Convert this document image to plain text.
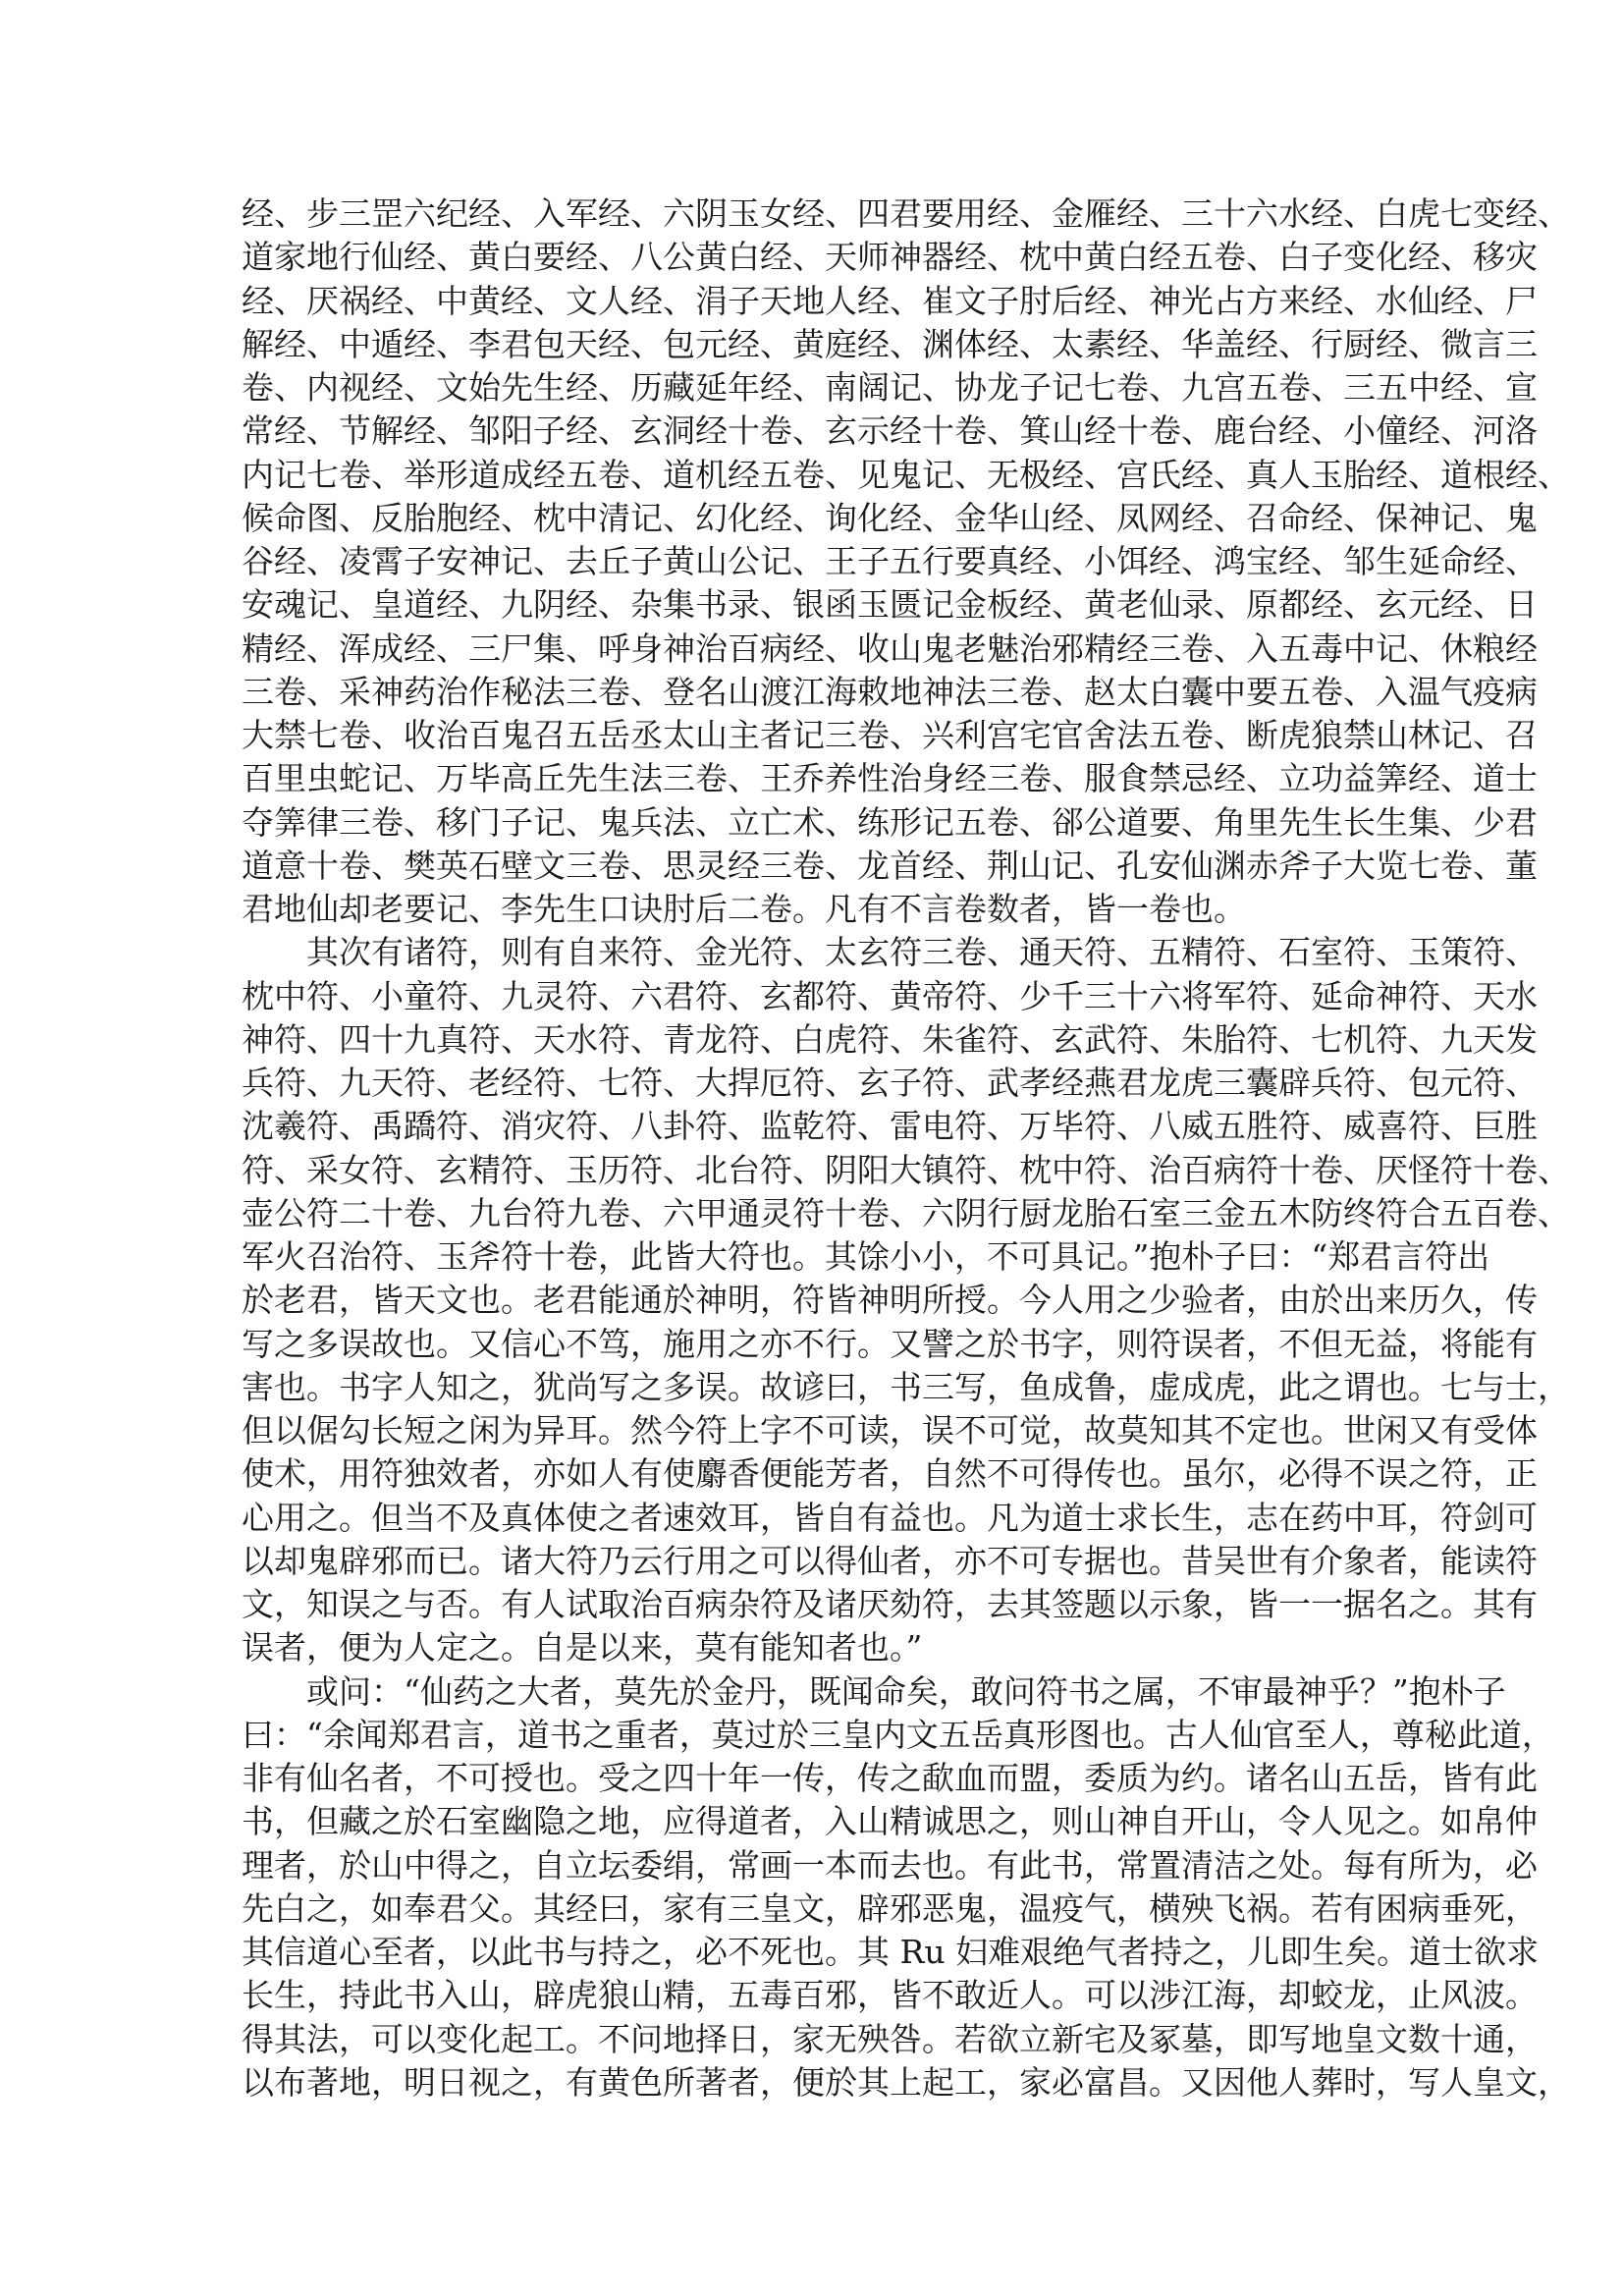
经、步三罡六纪经、入军经、六阴玉女经、四君要用经、金雁经、三十六水经、白虎七变经、
道家地行仙经、黄白要经、八公黄白经、天师神器经、枕中黄白经五卷、白子变化经、移灾
经、厌祸经、中黄经、文人经、涓子天地人经、崔文子肘后经、神光占方来经、水仙经、尸
解经、中遁经、李君包天经、包元经、黄庭经、渊体经、太素经、华盖经、行厨经、微言三
卷、内视经、文始先生经、历藏延年经、南阔记、协龙子记七卷、九宫五卷、三五中经、宣
常经、节解经、邹阳子经、玄洞经十卷、玄示经十卷、箕山经十卷、鹿台经、小僮经、河洛
内记七卷、举形道成经五卷、道机经五卷、见鬼记、无极经、宫氏经、真人玉胎经、道根经、
候命图、反胎胞经、枕中清记、幻化经、询化经、金华山经、凤网经、召命经、保神记、鬼
谷经、凌霄子安神记、去丘子黄山公记、王子五行要真经、小饵经、鸿宝经、邹生延命经、
安魂记、皇道经、九阴经、杂集书录、银函玉匮记金板经、黄老仙录、原都经、玄元经、日
精经、浑成经、三尸集、呼身神治百病经、收山鬼老魅治邪精经三卷、入五毒中记、休粮经
三卷、采神药治作秘法三卷、登名山渡江海敕地神法三卷、赵太白囊中要五卷、入温气疫病
大禁七卷、收治百鬼召五岳丞太山主者记三卷、兴利宫宅官舍法五卷、断虎狼禁山林记、召
百里虫蛇记、万毕高丘先生法三卷、王乔养性治身经三卷、服食禁忌经、立功益筭经、道士
夺筭律三卷、移门子记、鬼兵法、立亡术、练形记五卷、郤公道要、角里先生长生集、少君
道意十卷、樊英石壁文三卷、思灵经三卷、龙首经、荆山记、孔安仙渊赤斧子大览七卷、董
君地仙却老要记、李先生口诀肘后二卷。凡有不言卷数者，皆一卷也。
其次有诸符，则有自来符、金光符、太玄符三卷、通天符、五精符、石室符、玉策符、
枕中符、小童符、九灵符、六君符、玄都符、黄帝符、少千三十六将军符、延命神符、天水
神符、四十九真符、天水符、青龙符、白虎符、朱雀符、玄武符、朱胎符、七机符、九天发
兵符、九天符、老经符、七符、大捍厄符、玄子符、武孝经燕君龙虎三囊辟兵符、包元符、
沈羲符、禹蹻符、消灾符、八卦符、监乾符、雷电符、万毕符、八威五胜符、威喜符、巨胜
符、采女符、玄精符、玉历符、北台符、阴阳大镇符、枕中符、治百病符十卷、厌怪符十卷、
壶公符二十卷、九台符九卷、六甲通灵符十卷、六阴行厨龙胎石室三金五木防终符合五百卷、
军火召治符、玉斧符十卷，此皆大符也。其馀小小，不可具记。”抱朴子曰：“郑君言符出
於老君，皆天文也。老君能通於神明，符皆神明所授。今人用之少验者，由於出来历久，传
写之多误故也。又信心不笃，施用之亦不行。又譬之於书字，则符误者，不但无益，将能有
害也。书字人知之，犹尚写之多误。故谚曰，书三写，鱼成鲁，虚成虎，此之谓也。七与士，
但以倨勾长短之闲为异耳。然今符上字不可读，误不可觉，故莫知其不定也。世闲又有受体
使术，用符独效者，亦如人有使麝香便能芳者，自然不可得传也。虽尔，必得不误之符，正
心用之。但当不及真体使之者速效耳，皆自有益也。凡为道士求长生，志在药中耳，符剑可
以却鬼辟邪而已。诸大符乃云行用之可以得仙者，亦不可专据也。昔吴世有介象者，能读符
文，知误之与否。有人试取治百病杂符及诸厌劾符，去其签题以示象，皆一一据名之。其有
误者，便为人定之。自是以来，莫有能知者也。”
或问：“仙药之大者，莫先於金丹，既闻命矣，敢问符书之属，不审最神乎？”抱朴子
曰：“余闻郑君言，道书之重者，莫过於三皇内文五岳真形图也。古人仙官至人，尊秘此道，
非有仙名者，不可授也。受之四十年一传，传之歃血而盟，委质为约。诸名山五岳，皆有此
书，但藏之於石室幽隐之地，应得道者，入山精诚思之，则山神自开山，令人见之。如帛仲
理者，於山中得之，自立坛委绢，常画一本而去也。有此书，常置清洁之处。每有所为，必
先白之，如奉君父。其经曰，家有三皇文，辟邪恶鬼，温疫气，横殃飞祸。若有困病垂死，
其信道心至者，以此书与持之，必不死也。其 Ru 妇难艰绝气者持之，儿即生矣。道士欲求
长生，持此书入山，辟虎狼山精，五毒百邪，皆不敢近人。可以涉江海，却蛟龙，止风波。
得其法，可以变化起工。不问地择日，家无殃咎。若欲立新宅及冢墓，即写地皇文数十通，
以布著地，明日视之，有黄色所著者，便於其上起工，家必富昌。又因他人葬时，写人皇文，
